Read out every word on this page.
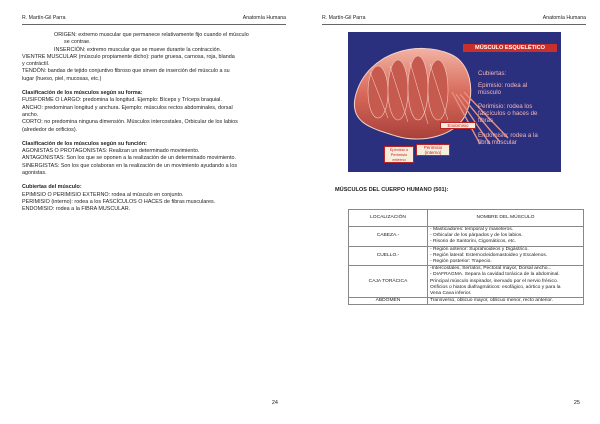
R. Martín-Gil Parra	Anatomía Humana

ORIGEN: extremo muscular que permanece relativamente fijo cuando el músculo

se contrae.

INSERCIÓN: extremo muscular que se mueve durante la contracción.

VIENTRE MUSCULAR (músculo propiamente dicho): parte gruesa, carnosa, roja, blanda

y contráctil.

TENDÓN: bandas de tejido conjuntivo fibroso que sirven de inserción del músculo a su

lugar (hueso, piel, mucosas, etc.)

Clasificación de los músculos según su forma:

FUSIFORME O LARGO: predomina la longitud. Ejemplo: Bíceps y Tríceps braquial.

ANCHO: predominan longitud y anchura. Ejemplo: músculos rectos abdominales, dorsal

ancho.

CORTO: no predomina ninguna dimensión. Músculos intercostales, Orbicular de los labios

(alrededor de orificios).

Clasificación de los músculos según su función:

AGONISTAS O PROTAGONISTAS: Realizan un determinado movimiento.

ANTAGONISTAS: Son los que se oponen a la realización de un determinado movimiento.

SINERGISTAS: Son los que colaboran en la realización de un movimiento ayudando a los

agonistas.

Cubiertas del músculo:

EPIMISIO O PERIMISIO EXTERNO: rodea al músculo en conjunto.

PERIMISIO (interno): rodea a los FASCÍCULOS O HACES de fibras musculares.

ENDOMISIO: rodea a la FIBRA MUSCULAR.

24
R. Martín-Gil Parra	Anatomía Humana
MÚSCULO ESQUELÉTICO
Cubiertas:
Epimisio: rodea al
músculo
Perimisio: rodea los
fascículos o haces de
fibras
Endomisio: rodea a la
fibra muscular
Endomisio
Perimisio
(interno)
Epimisio o
Perimisio
externo
MÚSCULOS DEL CUERPO HUMANO (501):
LOCALIZACIÓN	NOMBRE DEL MÚSCULO
CABEZA.-	- Masticadores: temporal y maseteros.
- Orbicular de los párpados y de los labios.
- Risorio de Santorini, Cigomáticos, etc.

CUELLO.-	- Región anterior: Suprahioideos y Digástrico.
- Región lateral: Esternocleidomastoideo y Escalenos.
- Región posterior: Trapecio.

CAJA TORÁCICA	-Intercostales, Serratos, Pectoral mayor, Dorsal ancho...
- DIAFRAGMA. Separa la cavidad torácica de la abdominal.
Principal músculo inspirador, inervado por el nervio frénico.
Orificios o hiatos diafragmáticos: esofágico, aórtico y para la
Vena Cava inferior.

ABDOMEN	Transverso, oblicuo mayor, oblicuo menor, recto anterior.
25
